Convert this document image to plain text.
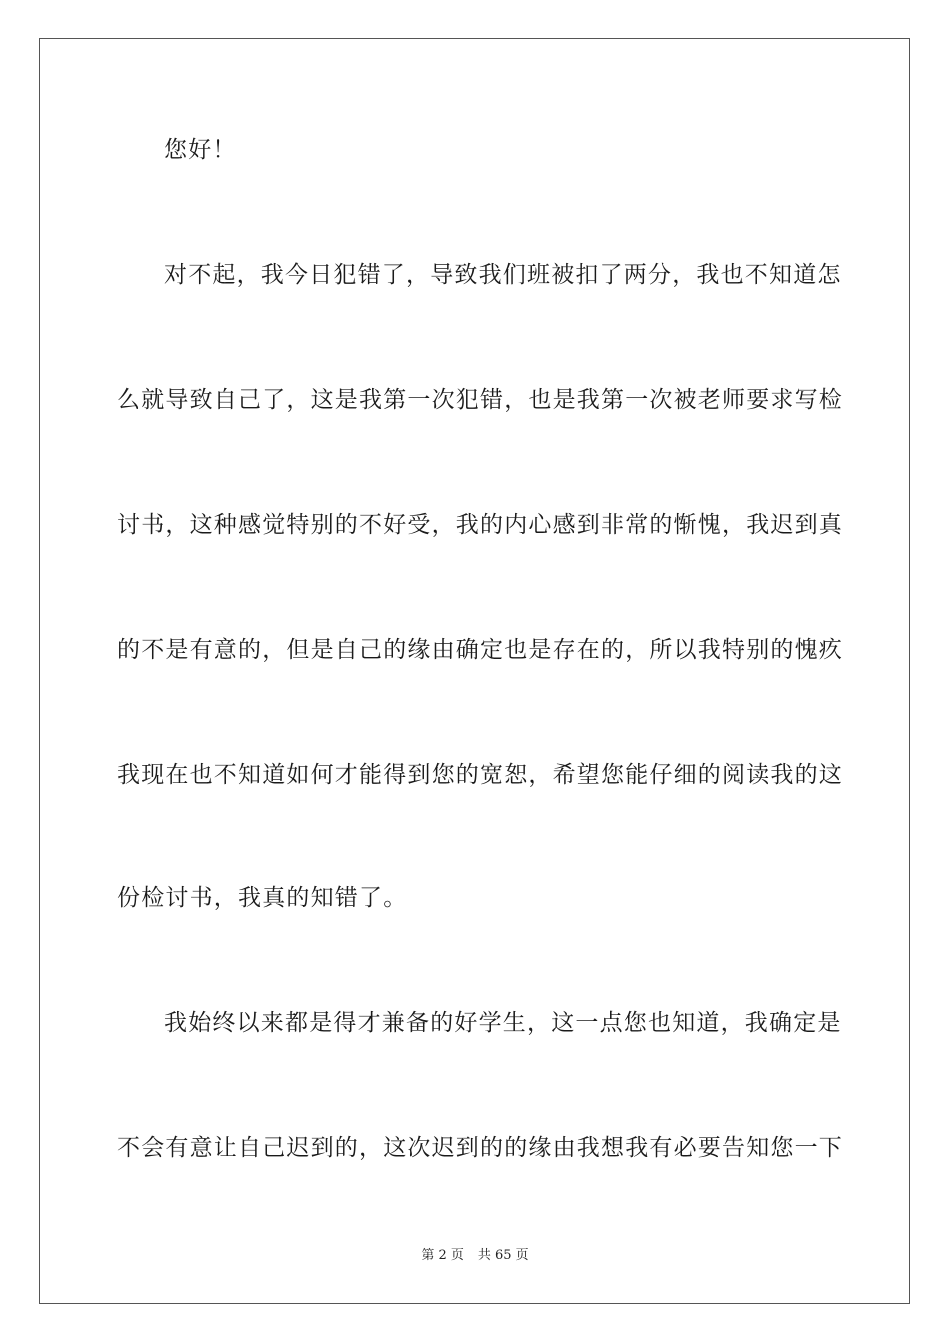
您好！
对不起，我今日犯错了，导致我们班被扣了两分，我也不知道怎
么就导致自己了，这是我第一次犯错，也是我第一次被老师要求写检
讨书，这种感觉特别的不好受，我的内心感到非常的惭愧，我迟到真
的不是有意的，但是自己的缘由确定也是存在的，所以我特别的愧疚
我现在也不知道如何才能得到您的宽恕，希望您能仔细的阅读我的这
份检讨书，我真的知错了。
我始终以来都是得才兼备的好学生，这一点您也知道，我确定是
不会有意让自己迟到的，这次迟到的的缘由我想我有必要告知您一下
第 2 页 共 65 页
